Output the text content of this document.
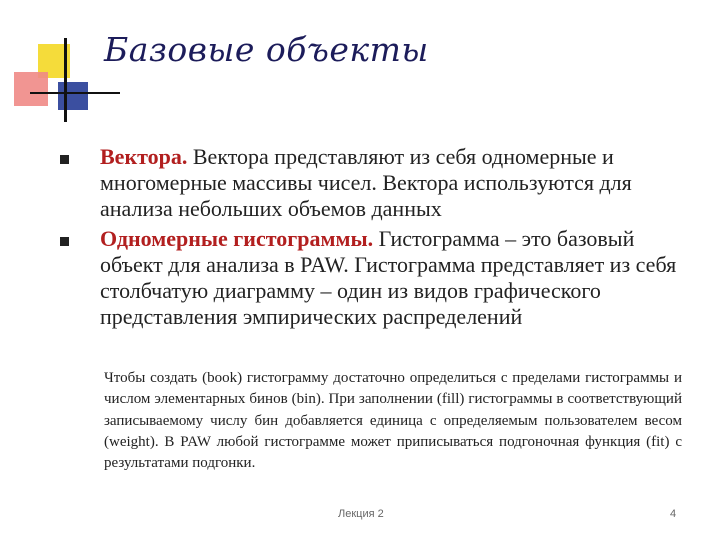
Базовые объекты
Вектора. Вектора представляют из себя одномерные и многомерные массивы чисел. Вектора используются для анализа небольших объемов данных
Одномерные гистограммы. Гистограмма – это базовый объект для анализа в PAW. Гистограмма представляет из себя столбчатую диаграмму – один из видов графического представления эмпирических распределений
Чтобы создать (book) гистограмму достаточно определиться с пределами гистограммы и числом элементарных бинов (bin). При заполнении (fill) гистограммы в соответствующий записываемому числу бин добавляется единица с определяемым пользователем весом (weight). В PAW любой гистограмме может приписываться подгоночная функция (fit) с результатами подгонки.
Лекция 2	4
